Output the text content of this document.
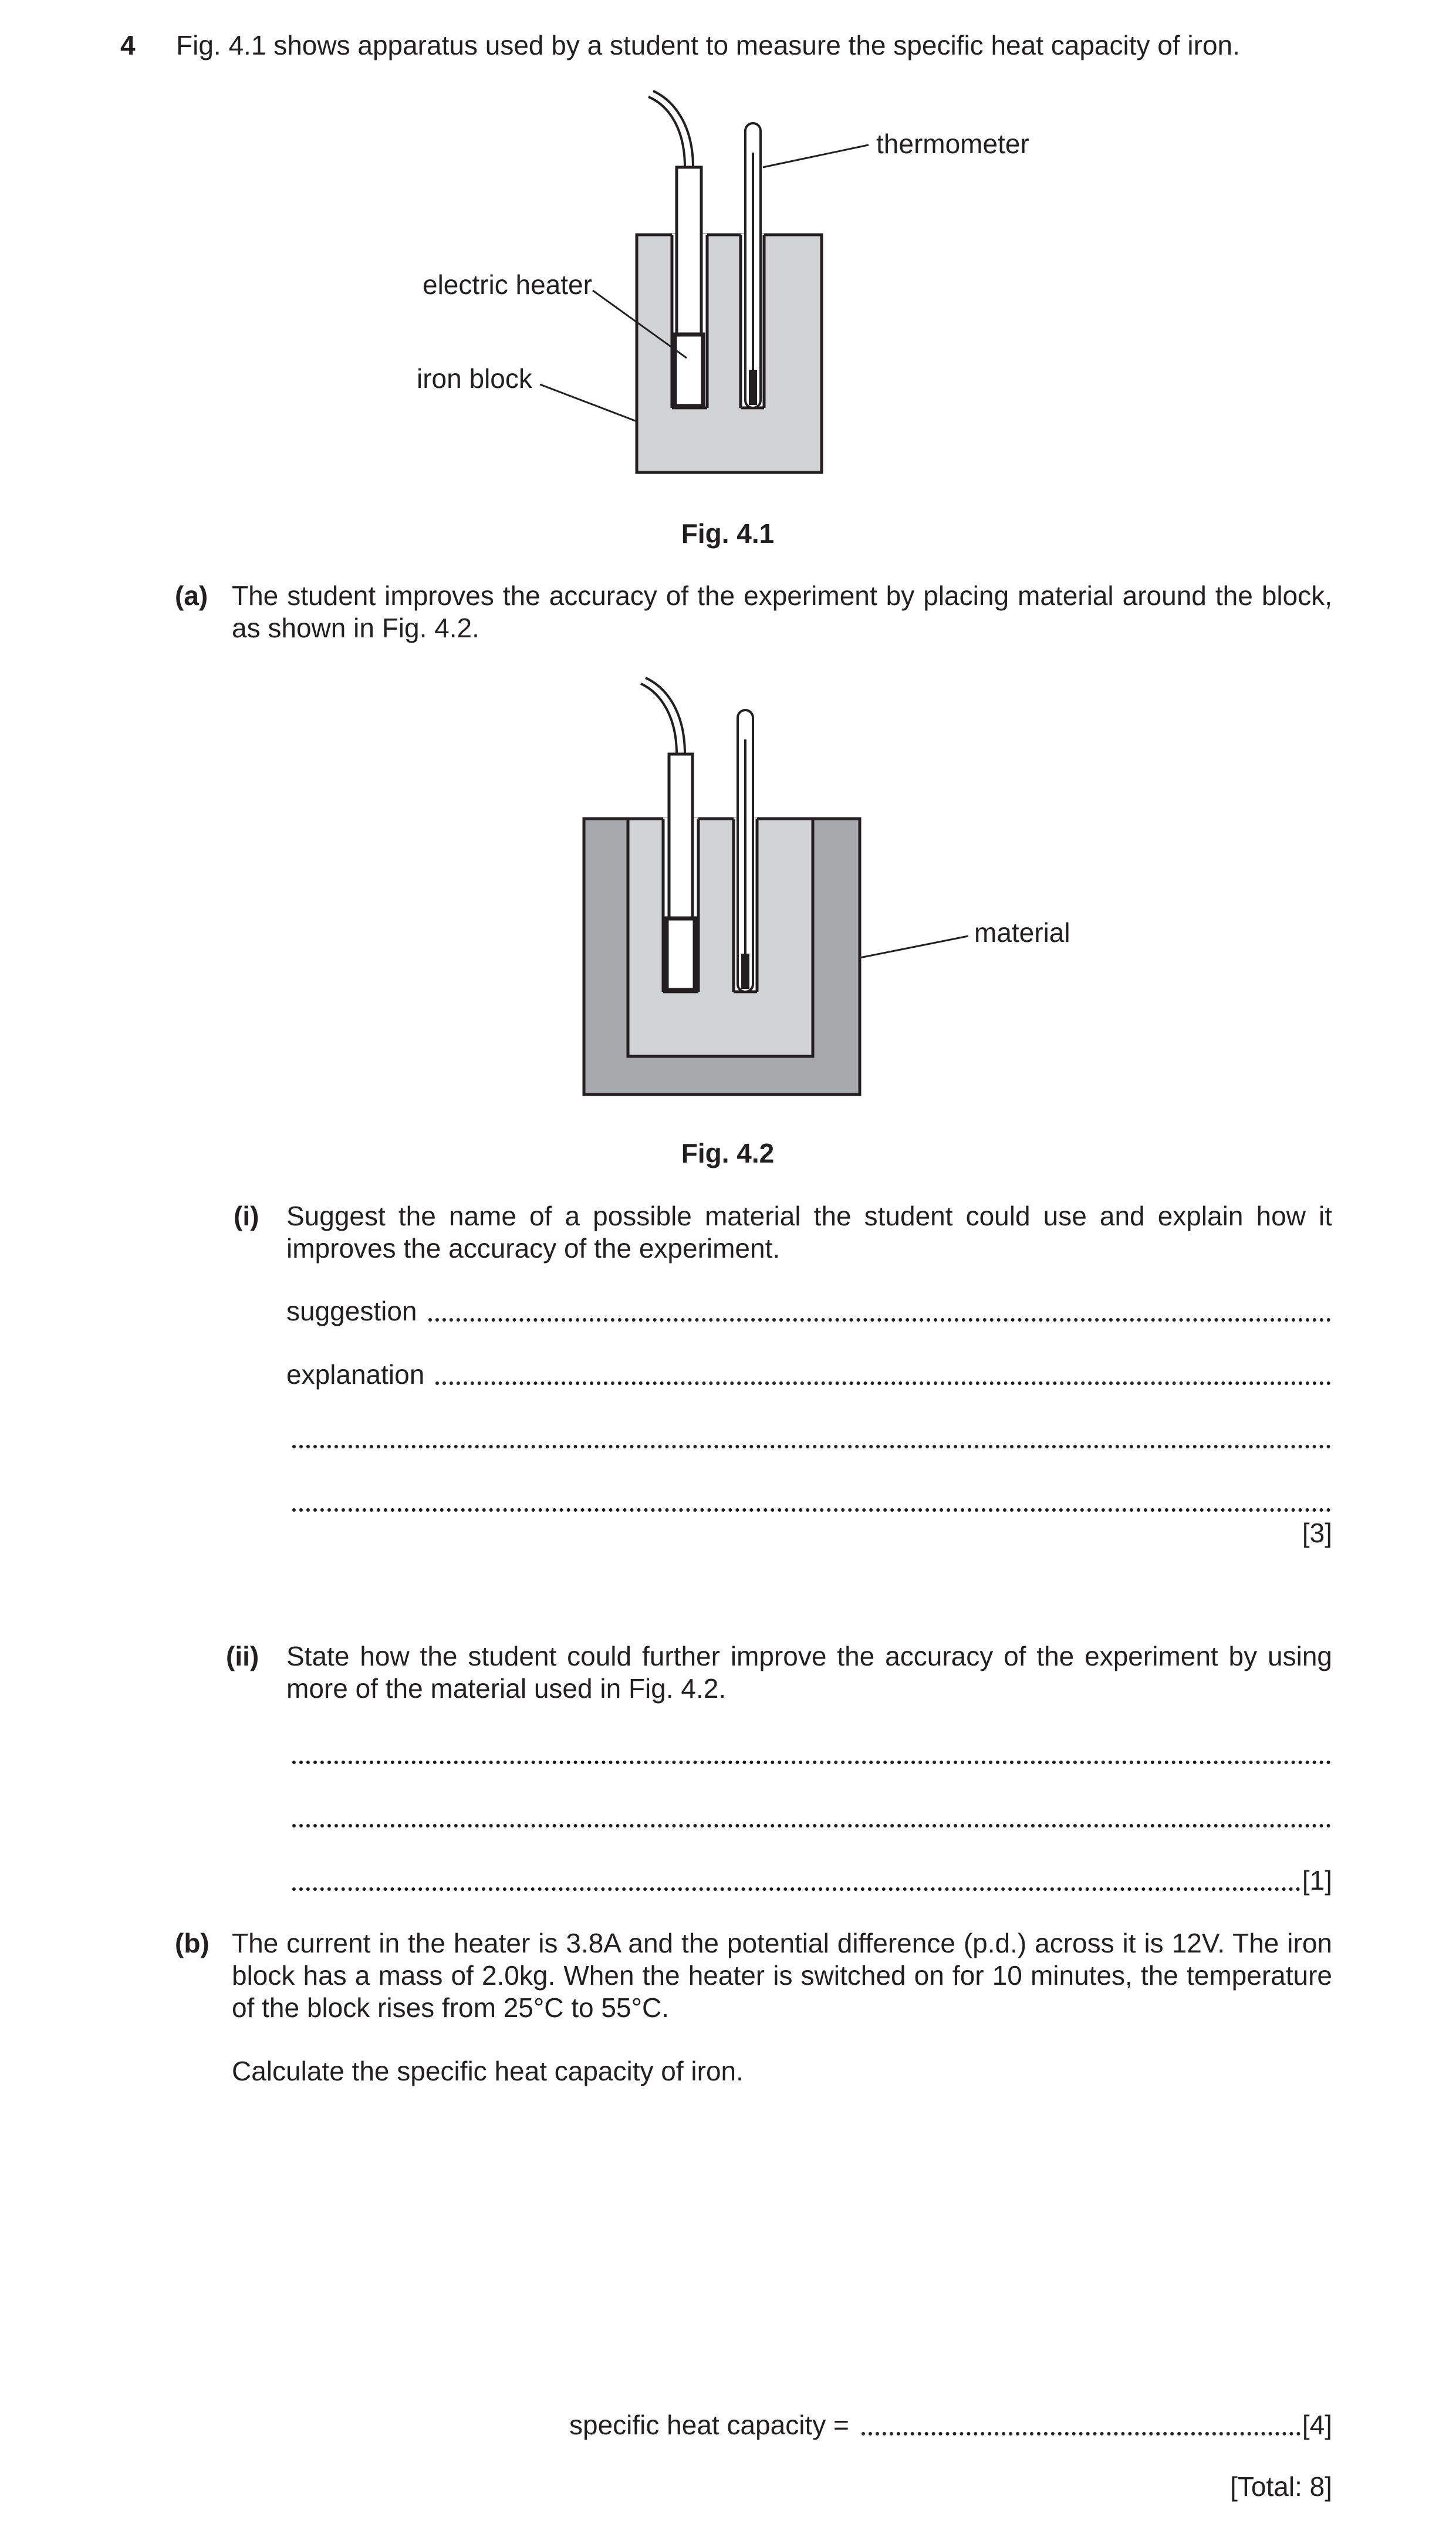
4 Fig. 4.1 shows apparatus used by a student to measure the specific heat capacity of iron.
thermometer
electric heater
iron block
Fig. 4.1
(a) The student improves the accuracy of the experiment by placing material around the block, as shown in Fig. 4.2.
material
Fig. 4.2
(i) Suggest the name of a possible material the student could use and explain how it improves the accuracy of the experiment.
suggestion
explanation
[3]
(ii) State how the student could further improve the accuracy of the experiment by using more of the material used in Fig. 4.2.
[1]
(b) The current in the heater is 3.8A and the potential difference (p.d.) across it is 12V. The iron block has a mass of 2.0kg. When the heater is switched on for 10 minutes, the temperature of the block rises from 25°C to 55°C.
Calculate the specific heat capacity of iron.
specific heat capacity =	[4]
[Total: 8]
